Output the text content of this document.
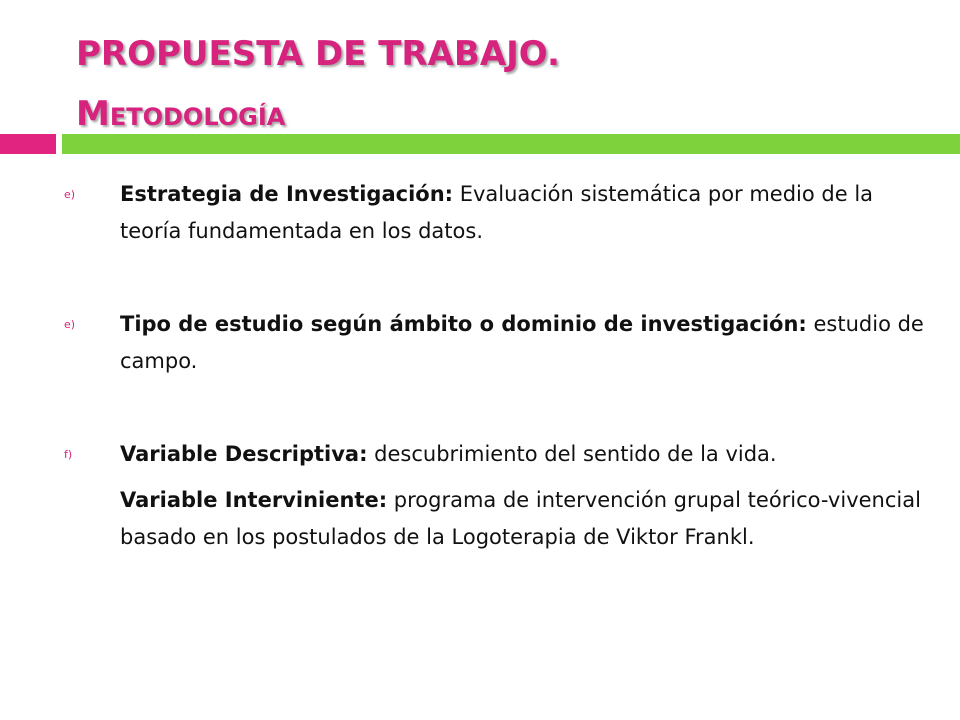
PROPUESTA DE TRABAJO.
Metodología
e) Estrategia de Investigación: Evaluación sistemática por medio de la teoría fundamentada en los datos.
e) Tipo de estudio según ámbito o dominio de investigación: estudio de campo.
f) Variable Descriptiva: descubrimiento del sentido de la vida.
Variable Interviniente: programa de intervención grupal teórico-vivencial basado en los postulados de la Logoterapia de Viktor Frankl.
